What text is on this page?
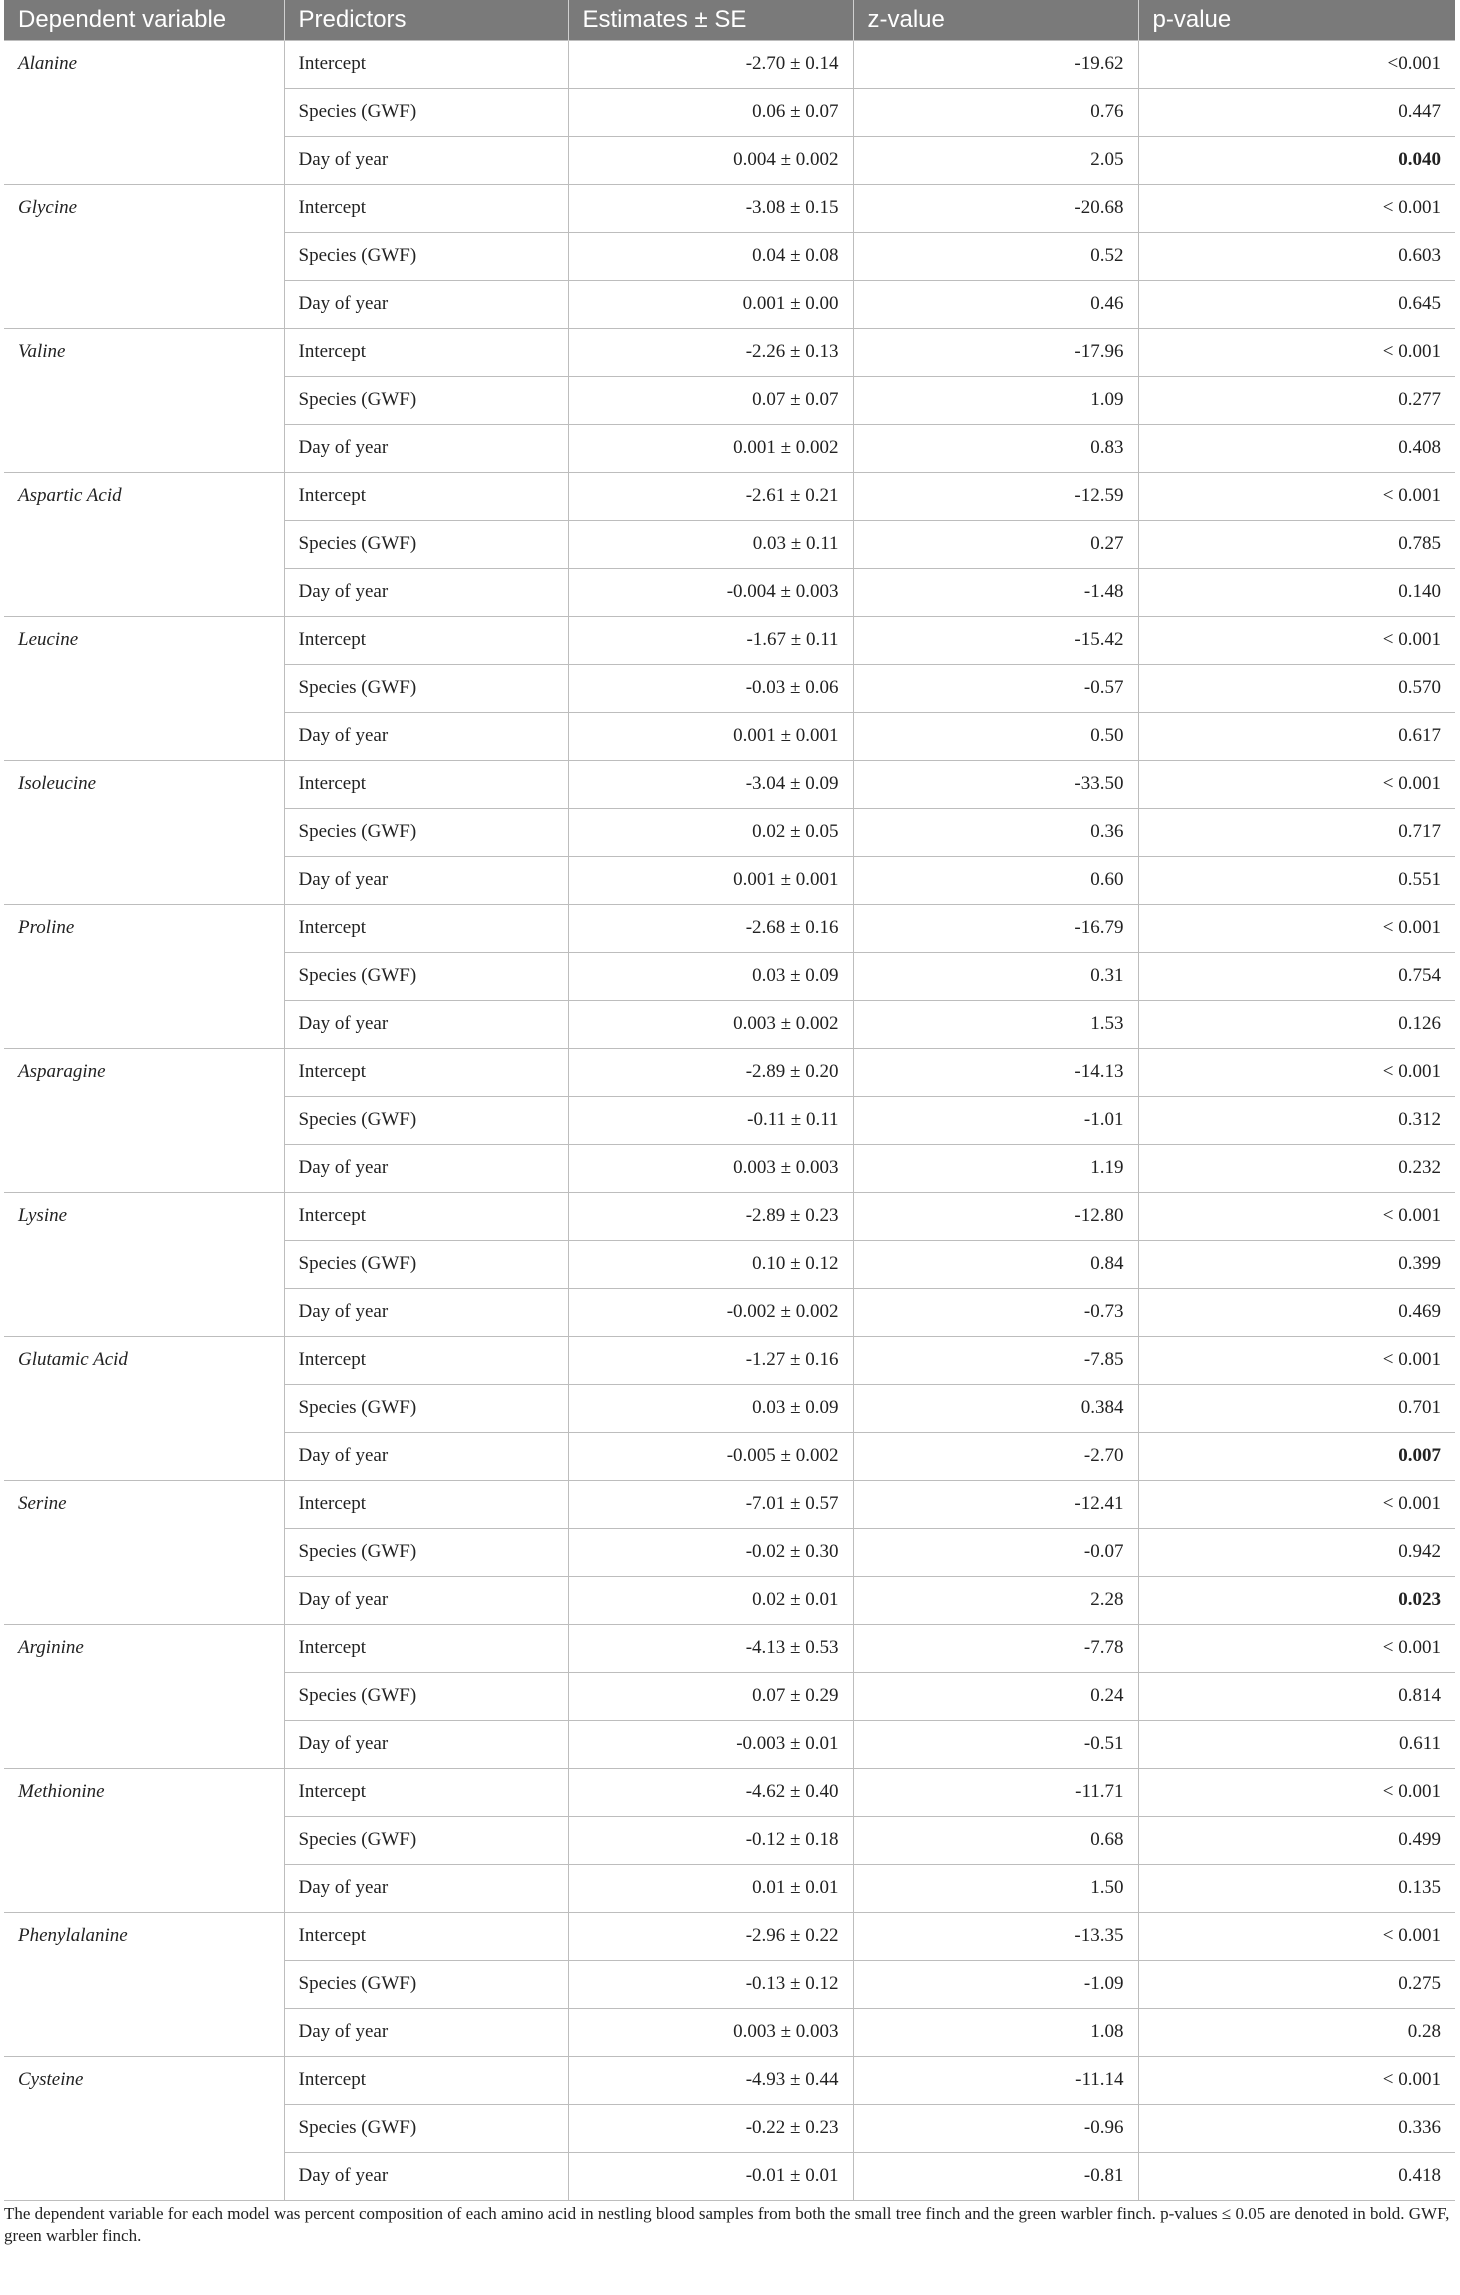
Dependent variable	Predictors	Estimates ± SE	z-value	p-value
Alanine	Intercept	-2.70 ± 0.14	-19.62	<0.001
	Species (GWF)	0.06 ± 0.07	0.76	0.447
	Day of year	0.004 ± 0.002	2.05	0.040
Glycine	Intercept	-3.08 ± 0.15	-20.68	< 0.001
	Species (GWF)	0.04 ± 0.08	0.52	0.603
	Day of year	0.001 ± 0.00	0.46	0.645
Valine	Intercept	-2.26 ± 0.13	-17.96	< 0.001
	Species (GWF)	0.07 ± 0.07	1.09	0.277
	Day of year	0.001 ± 0.002	0.83	0.408
Aspartic Acid	Intercept	-2.61 ± 0.21	-12.59	< 0.001
	Species (GWF)	0.03 ± 0.11	0.27	0.785
	Day of year	-0.004 ± 0.003	-1.48	0.140
Leucine	Intercept	-1.67 ± 0.11	-15.42	< 0.001
	Species (GWF)	-0.03 ± 0.06	-0.57	0.570
	Day of year	0.001 ± 0.001	0.50	0.617
Isoleucine	Intercept	-3.04 ± 0.09	-33.50	< 0.001
	Species (GWF)	0.02 ± 0.05	0.36	0.717
	Day of year	0.001 ± 0.001	0.60	0.551
Proline	Intercept	-2.68 ± 0.16	-16.79	< 0.001
	Species (GWF)	0.03 ± 0.09	0.31	0.754
	Day of year	0.003 ± 0.002	1.53	0.126
Asparagine	Intercept	-2.89 ± 0.20	-14.13	< 0.001
	Species (GWF)	-0.11 ± 0.11	-1.01	0.312
	Day of year	0.003 ± 0.003	1.19	0.232
Lysine	Intercept	-2.89 ± 0.23	-12.80	< 0.001
	Species (GWF)	0.10 ± 0.12	0.84	0.399
	Day of year	-0.002 ± 0.002	-0.73	0.469
Glutamic Acid	Intercept	-1.27 ± 0.16	-7.85	< 0.001
	Species (GWF)	0.03 ± 0.09	0.384	0.701
	Day of year	-0.005 ± 0.002	-2.70	0.007
Serine	Intercept	-7.01 ± 0.57	-12.41	< 0.001
	Species (GWF)	-0.02 ± 0.30	-0.07	0.942
	Day of year	0.02 ± 0.01	2.28	0.023
Arginine	Intercept	-4.13 ± 0.53	-7.78	< 0.001
	Species (GWF)	0.07 ± 0.29	0.24	0.814
	Day of year	-0.003 ± 0.01	-0.51	0.611
Methionine	Intercept	-4.62 ± 0.40	-11.71	< 0.001
	Species (GWF)	-0.12 ± 0.18	0.68	0.499
	Day of year	0.01 ± 0.01	1.50	0.135
Phenylalanine	Intercept	-2.96 ± 0.22	-13.35	< 0.001
	Species (GWF)	-0.13 ± 0.12	-1.09	0.275
	Day of year	0.003 ± 0.003	1.08	0.28
Cysteine	Intercept	-4.93 ± 0.44	-11.14	< 0.001
	Species (GWF)	-0.22 ± 0.23	-0.96	0.336
	Day of year	-0.01 ± 0.01	-0.81	0.418

The dependent variable for each model was percent composition of each amino acid in nestling blood samples from both the small tree finch and the green warbler finch. p-values ≤ 0.05 are denoted in bold. GWF, green warbler finch.
